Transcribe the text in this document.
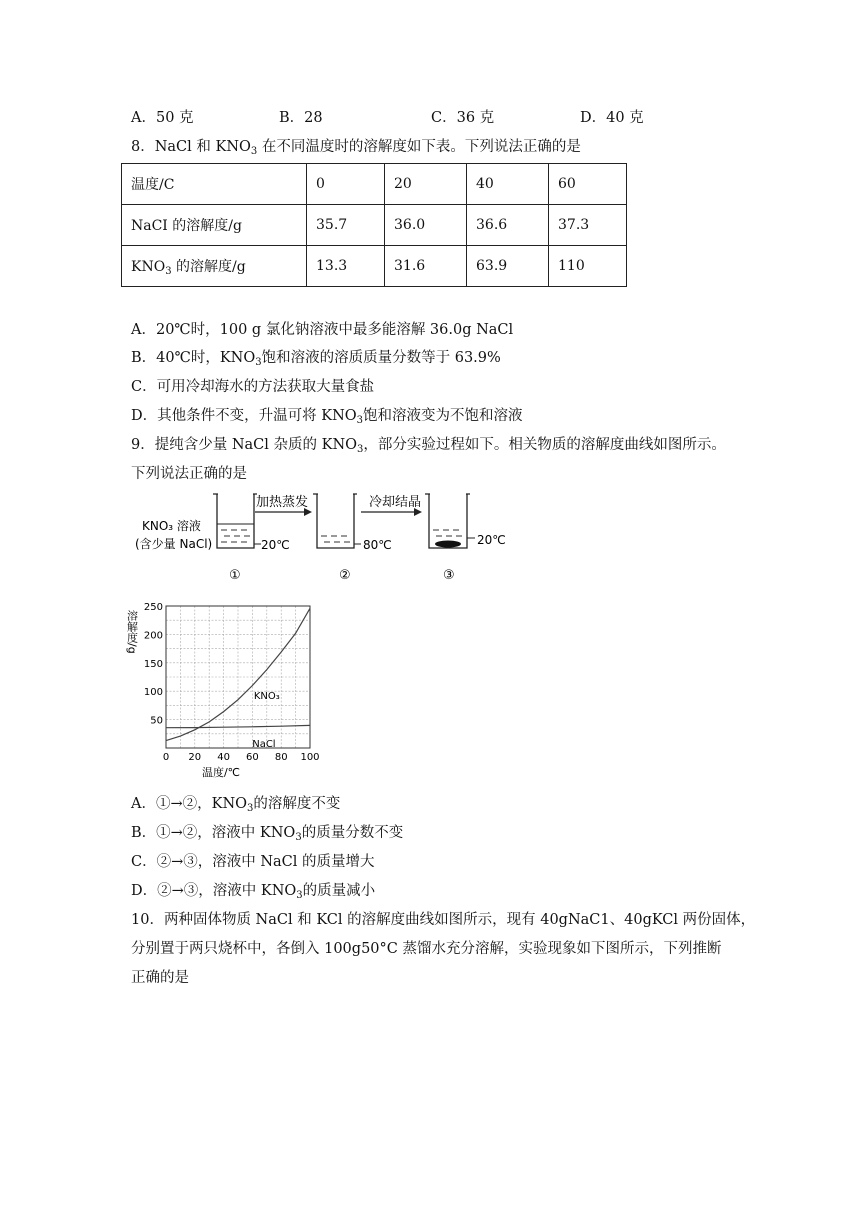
A．50 克	B．28	C．36 克	D．40 克
8．NaCl 和 $KNO_3$ 在不同温度时的溶解度如下表。下列说法正确的是
温度/C	0	20	40	60
NaCI 的溶解度/g	35.7	36.0	36.6	37.3
$KNO_3$ 的溶解度/g	13.3	31.6	63.9	110
A．20℃时，100 g 氯化钠溶液中最多能溶解 36.0g NaCl
B．40℃时，$KNO_3$饱和溶液的溶质质量分数等于 63.9%
C．可用冷却海水的方法获取大量食盐
D．其他条件不变，升温可将 $KNO_3$饱和溶液变为不饱和溶液
9．提纯含少量 NaCl 杂质的 $KNO_3$，部分实验过程如下。相关物质的溶解度曲线如图所示。
下列说法正确的是
KNO₃ 溶液
(含少量 NaCl)	20℃
加热蒸发
80℃
冷却结晶
20℃
①	②	③
溶解度/g
50
100
150
200
250
0 20 40 60 80 100
KNO₃
NaCl
温度/℃
A．①→②，$KNO_3$的溶解度不变
B．①→②，溶液中 $KNO_3$的质量分数不变
C．②→③，溶液中 NaCl 的质量增大
D．②→③，溶液中 $KNO_3$的质量减小
10．两种固体物质 NaCl 和 KCl 的溶解度曲线如图所示，现有 40gNaC1、40gKCl 两份固体，
分别置于两只烧杯中，各倒入 100g50°C 蒸馏水充分溶解，实验现象如下图所示，下列推断
正确的是
